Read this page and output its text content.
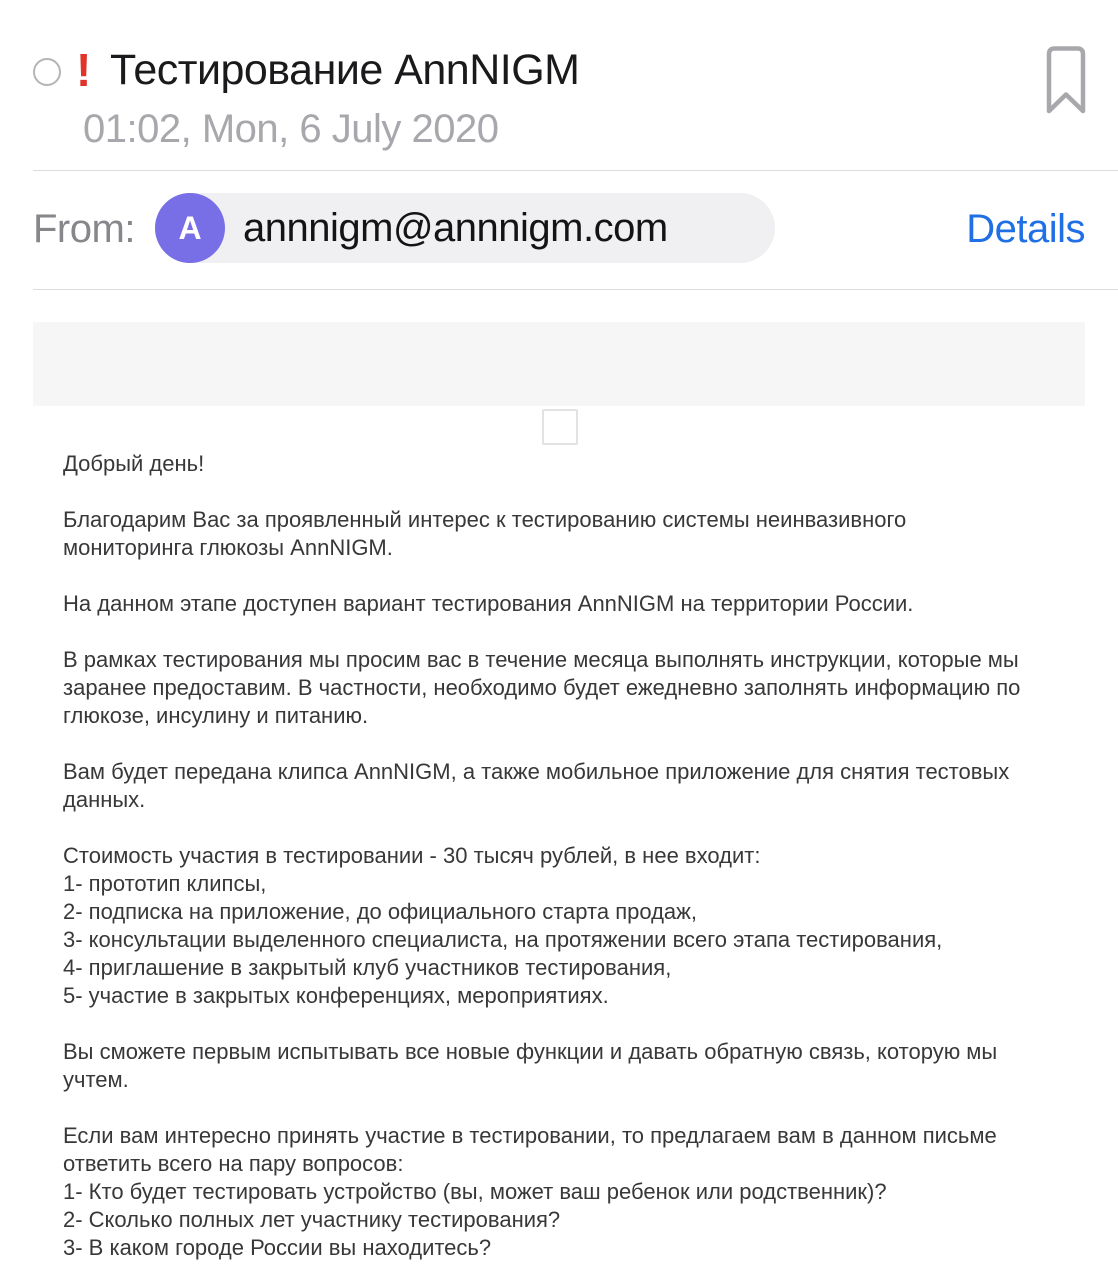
! Тестирование AnnNIGM
01:02, Mon, 6 July 2020
From:	A	annnigm@annnigm.com	Details
Добрый день!
Благодарим Вас за проявленный интерес к тестированию системы неинвазивного
мониторинга глюкозы AnnNIGM.
На данном этапе доступен вариант тестирования AnnNIGM на территории России.
В рамках тестирования мы просим вас в течение месяца выполнять инструкции, которые мы
заранее предоставим. В частности, необходимо будет ежедневно заполнять информацию по
глюкозе, инсулину и питанию.
Вам будет передана клипса AnnNIGM, а также мобильное приложение для снятия тестовых
данных.
Стоимость участия в тестировании - 30 тысяч рублей, в нее входит:
1- прототип клипсы,
2- подписка на приложение, до официального старта продаж,
3- консультации выделенного специалиста, на протяжении всего этапа тестирования,
4- приглашение в закрытый клуб участников тестирования,
5- участие в закрытых конференциях, мероприятиях.
Вы сможете первым испытывать все новые функции и давать обратную связь, которую мы
учтем.
Если вам интересно принять участие в тестировании, то предлагаем вам в данном письме
ответить всего на пару вопросов:
1- Кто будет тестировать устройство (вы, может ваш ребенок или родственник)?
2- Сколько полных лет участнику тестирования?
3- В каком городе России вы находитесь?
